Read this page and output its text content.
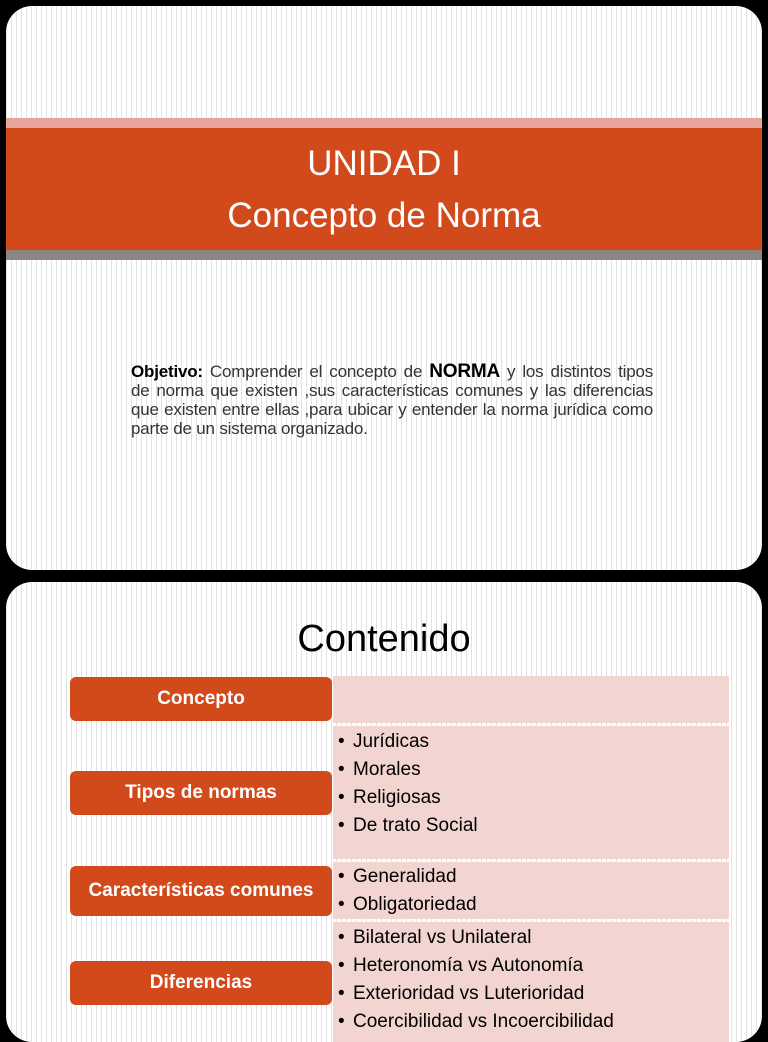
UNIDAD I
Concepto de Norma
Objetivo: Comprender el concepto de NORMA y los distintos tipos de norma que existen ,sus características comunes y las diferencias que existen entre ellas ,para ubicar y entender la norma jurídica como parte de un sistema organizado.
Contenido
Concepto
Tipos de normas
• Jurídicas
• Morales
• Religiosas
• De trato Social
Características comunes
• Generalidad
• Obligatoriedad
Diferencias
• Bilateral vs Unilateral
• Heteronomía vs Autonomía
• Exterioridad vs Luterioridad
• Coercibilidad vs Incoercibilidad
